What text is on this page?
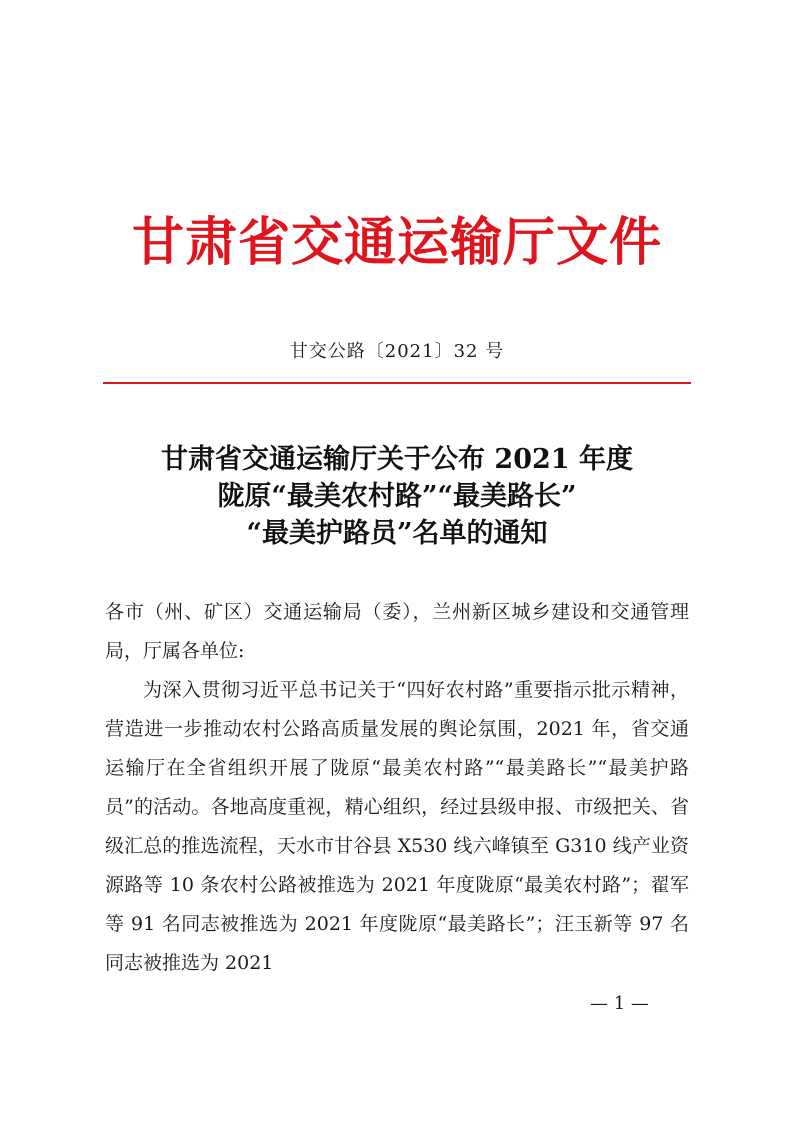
甘肃省交通运输厅文件
甘交公路〔2021〕32 号
甘肃省交通运输厅关于公布 2021 年度
陇原“最美农村路”“最美路长”
“最美护路员”名单的通知

各市（州、矿区）交通运输局（委），兰州新区城乡建设和交通管理局，厅属各单位:

为深入贯彻习近平总书记关于“四好农村路”重要指示批示精神，营造进一步推动农村公路高质量发展的舆论氛围，2021 年，省交通运输厅在全省组织开展了陇原“最美农村路”“最美路长”“最美护路员”的活动。各地高度重视，精心组织，经过县级申报、市级把关、省级汇总的推选流程，天水市甘谷县 X530 线六峰镇至 G310 线产业资源路等 10 条农村公路被推选为 2021 年度陇原“最美农村路”；翟军等 91 名同志被推选为 2021 年度陇原“最美路长”；汪玉新等 97 名同志被推选为 2021

— 1 —
